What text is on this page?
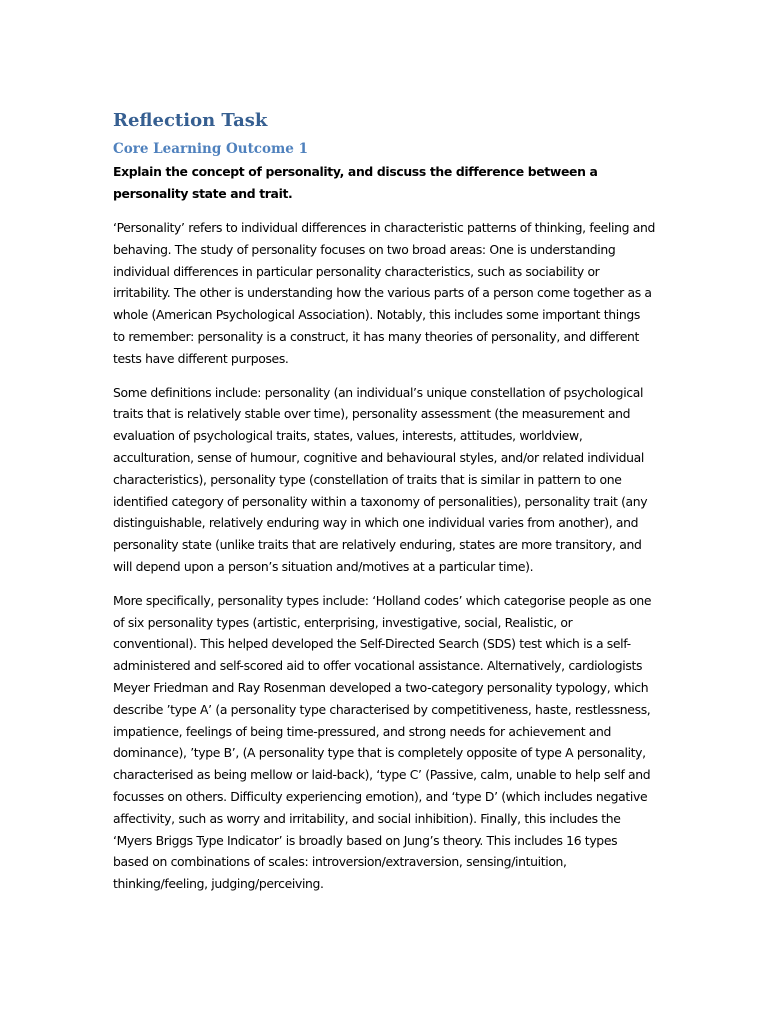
Reflection Task
Core Learning Outcome 1

Explain the concept of personality, and discuss the difference between a personality state and trait.

‘Personality’ refers to individual differences in characteristic patterns of thinking, feeling and behaving. The study of personality focuses on two broad areas: One is understanding individual differences in particular personality characteristics, such as sociability or irritability. The other is understanding how the various parts of a person come together as a whole (American Psychological Association). Notably, this includes some important things to remember: personality is a construct, it has many theories of personality, and different tests have different purposes.

Some definitions include: personality (an individual’s unique constellation of psychological traits that is relatively stable over time), personality assessment (the measurement and evaluation of psychological traits, states, values, interests, attitudes, worldview, acculturation, sense of humour, cognitive and behavioural styles, and/or related individual characteristics), personality type (constellation of traits that is similar in pattern to one identified category of personality within a taxonomy of personalities), personality trait (any distinguishable, relatively enduring way in which one individual varies from another), and personality state (unlike traits that are relatively enduring, states are more transitory, and will depend upon a person’s situation and/motives at a particular time).

More specifically, personality types include: ‘Holland codes’ which categorise people as one of six personality types (artistic, enterprising, investigative, social, Realistic, or conventional). This helped developed the Self-Directed Search (SDS) test which is a self-administered and self-scored aid to offer vocational assistance. Alternatively, cardiologists Meyer Friedman and Ray Rosenman developed a two-category personality typology, which describe ’type A’ (a personality type characterised by competitiveness, haste, restlessness, impatience, feelings of being time-pressured, and strong needs for achievement and dominance), ’type B’, (A personality type that is completely opposite of type A personality, characterised as being mellow or laid-back), ‘type C’ (Passive, calm, unable to help self and focusses on others. Difficulty experiencing emotion), and ‘type D’ (which includes negative affectivity, such as worry and irritability, and social inhibition). Finally, this includes the ‘Myers Briggs Type Indicator’ is broadly based on Jung’s theory. This includes 16 types based on combinations of scales: introversion/extraversion, sensing/intuition, thinking/feeling, judging/perceiving.
